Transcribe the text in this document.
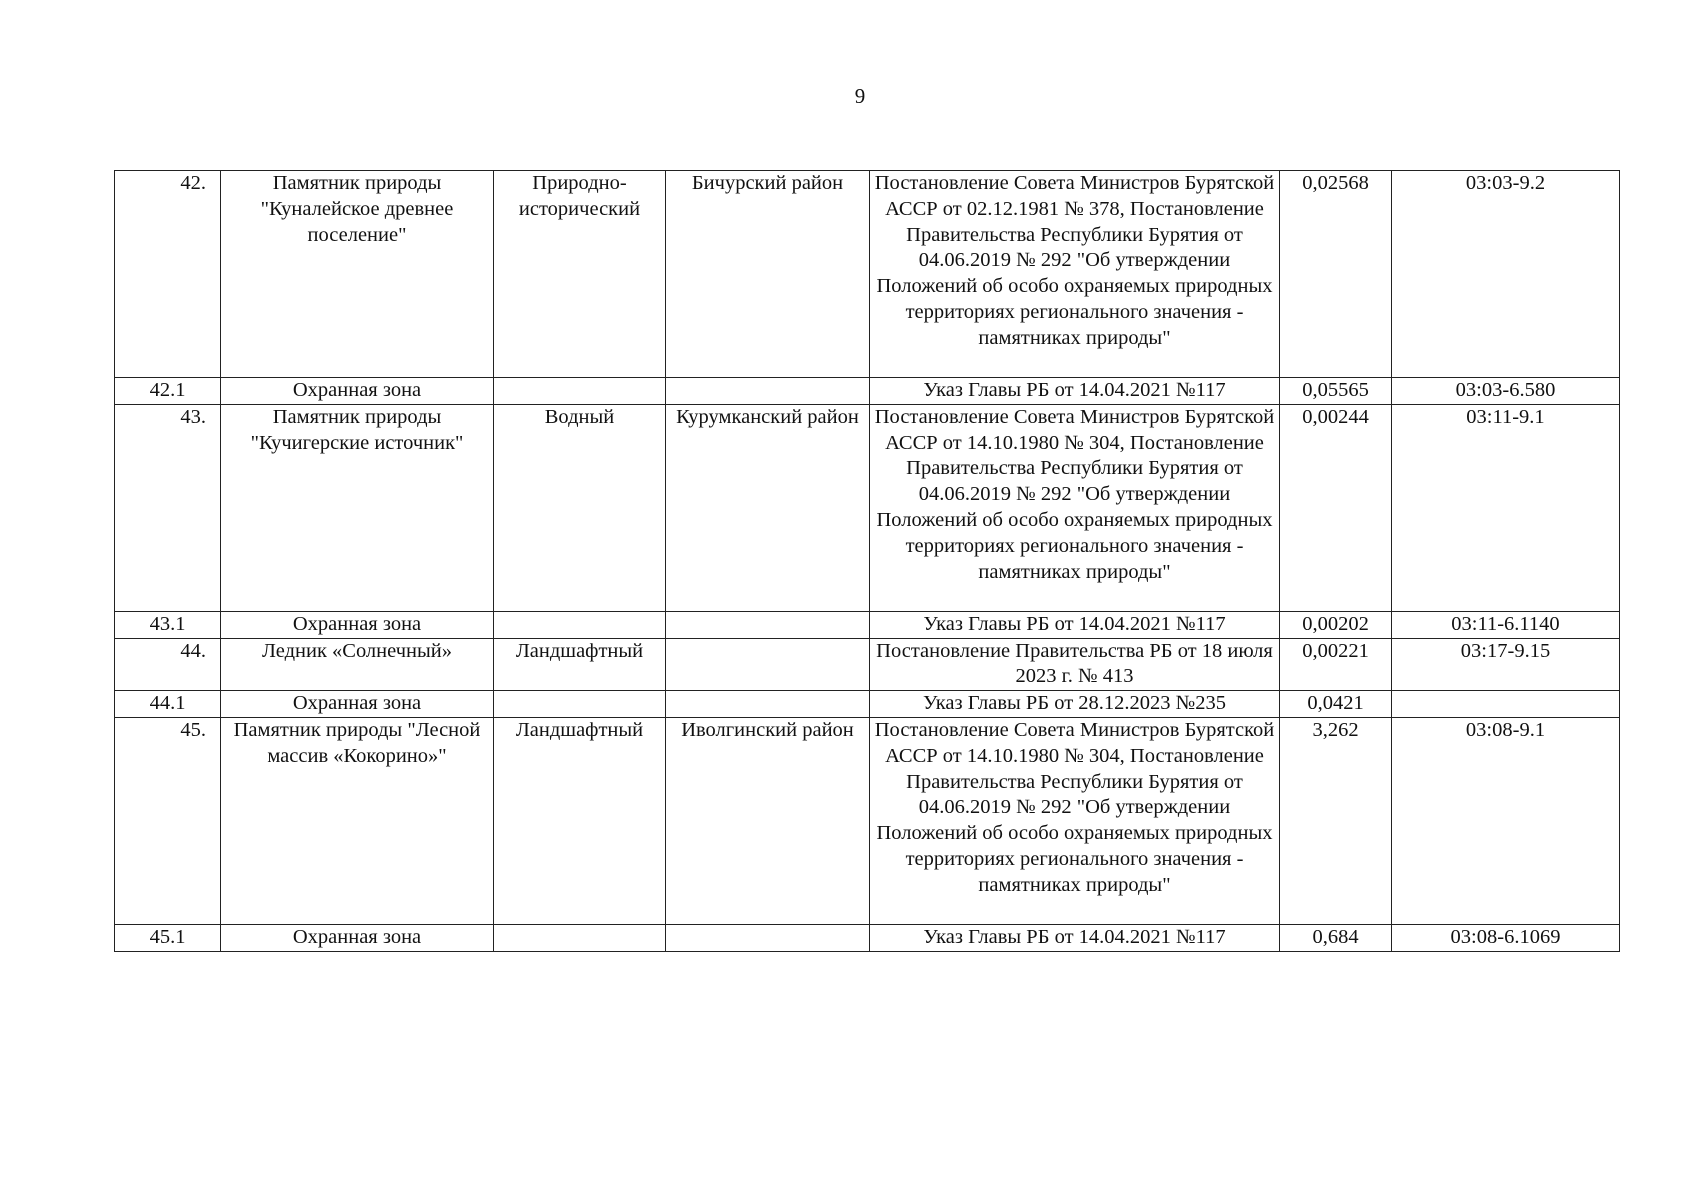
9
42.	Памятник природы "Куналейское древнее поселение"	Природно-исторический	Бичурский район	Постановление Совета Министров Бурятской АССР от 02.12.1981 № 378, Постановление Правительства Республики Бурятия от 04.06.2019 № 292 "Об утверждении Положений об особо охраняемых природных территориях регионального значения - памятниках природы"	0,02568	03:03-9.2
42.1	Охранная зона			Указ Главы РБ от 14.04.2021 №117	0,05565	03:03-6.580
43.	Памятник природы "Кучигерские источник"	Водный	Курумканский район	Постановление Совета Министров Бурятской АССР от 14.10.1980 № 304, Постановление Правительства Республики Бурятия от 04.06.2019 № 292 "Об утверждении Положений об особо охраняемых природных территориях регионального значения - памятниках природы"	0,00244	03:11-9.1
43.1	Охранная зона			Указ Главы РБ от 14.04.2021 №117	0,00202	03:11-6.1140
44.	Ледник «Солнечный»	Ландшафтный		Постановление Правительства РБ от 18 июля 2023 г. № 413	0,00221	03:17-9.15
44.1	Охранная зона			Указ Главы РБ от 28.12.2023 №235	0,0421	
45.	Памятник природы "Лесной массив «Кокорино»"	Ландшафтный	Иволгинский район	Постановление Совета Министров Бурятской АССР от 14.10.1980 № 304, Постановление Правительства Республики Бурятия от 04.06.2019 № 292 "Об утверждении Положений об особо охраняемых природных территориях регионального значения - памятниках природы"	3,262	03:08-9.1
45.1	Охранная зона			Указ Главы РБ от 14.04.2021 №117	0,684	03:08-6.1069
